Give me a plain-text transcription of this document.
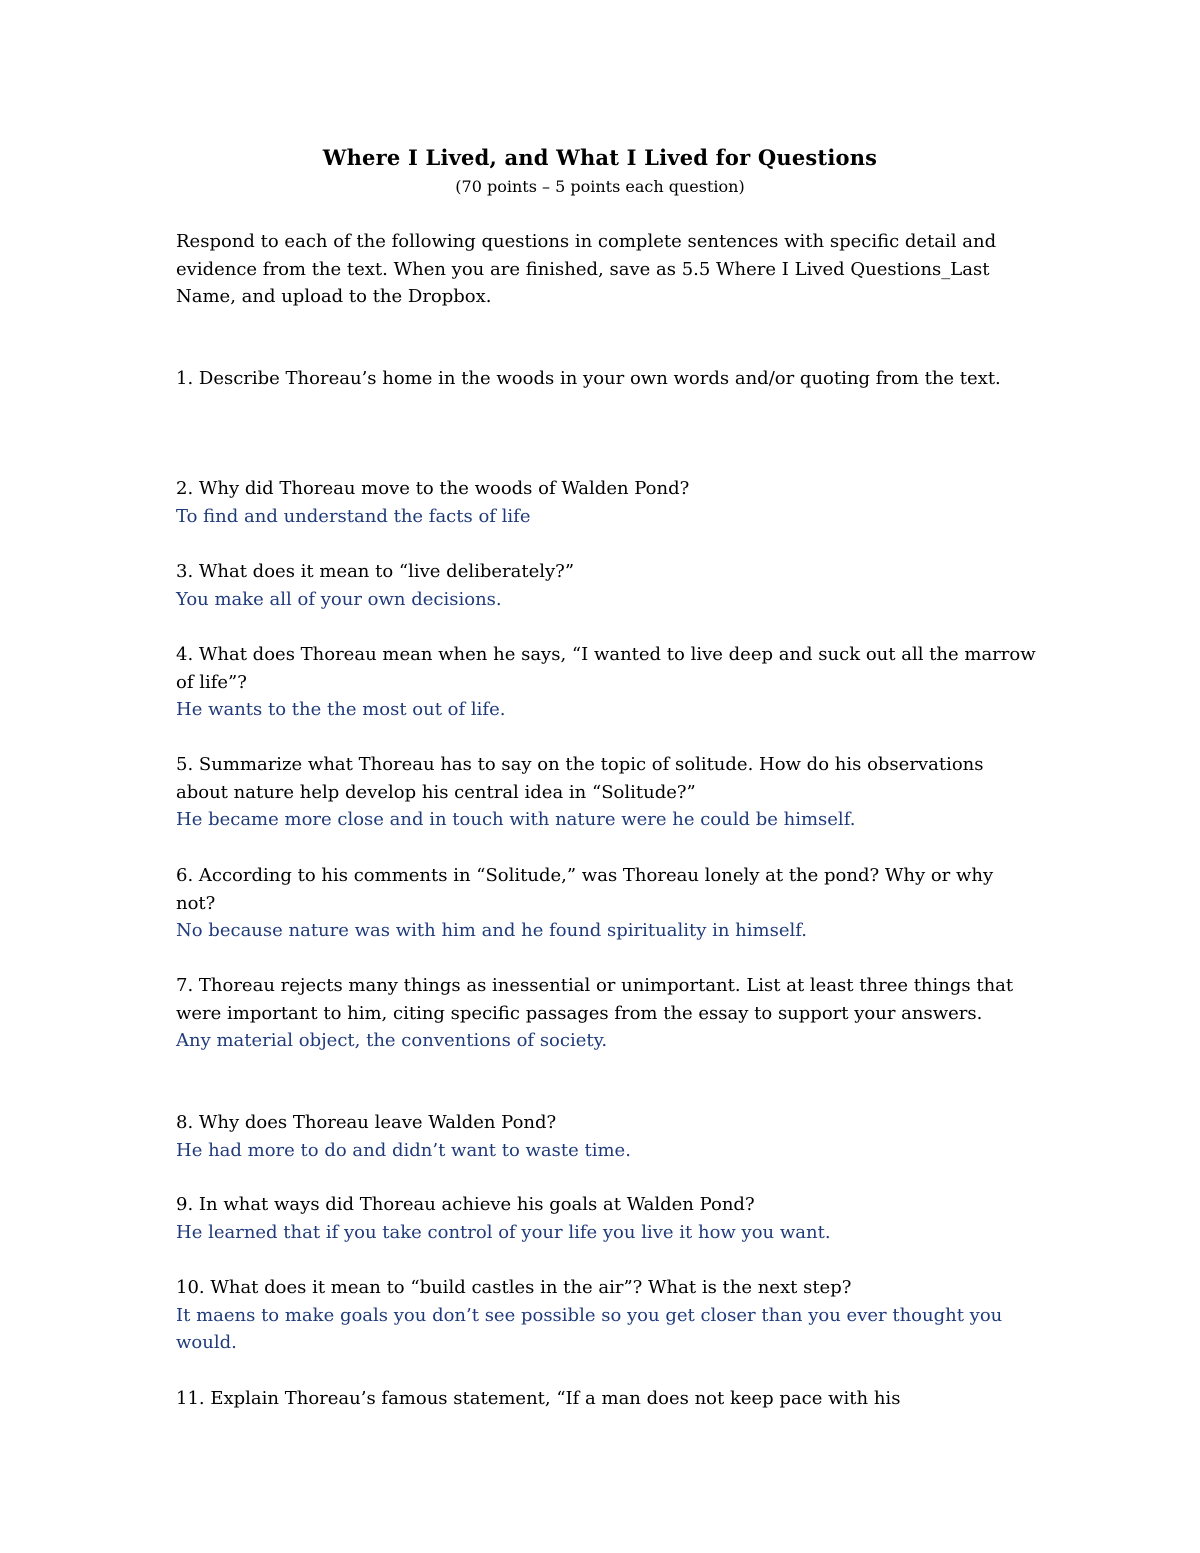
Where I Lived, and What I Lived for Questions
(70 points – 5 points each question)
Respond to each of the following questions in complete sentences with specific detail and evidence from the text. When you are finished, save as 5.5 Where I Lived Questions_Last Name, and upload to the Dropbox.
1. Describe Thoreau’s home in the woods in your own words and/or quoting from the text.
2. Why did Thoreau move to the woods of Walden Pond?
To find and understand the facts of life
3. What does it mean to “live deliberately?”
You make all of your own decisions.
4. What does Thoreau mean when he says, “I wanted to live deep and suck out all the marrow of life”?
He wants to the the most out of life.
5. Summarize what Thoreau has to say on the topic of solitude. How do his observations about nature help develop his central idea in “Solitude?”
He became more close and in touch with nature were he could be himself.
6. According to his comments in “Solitude,” was Thoreau lonely at the pond? Why or why not?
No because nature was with him and he found spirituality in himself.
7. Thoreau rejects many things as inessential or unimportant. List at least three things that were important to him, citing specific passages from the essay to support your answers.
Any material object, the conventions of society.
8. Why does Thoreau leave Walden Pond?
He had more to do and didn’t want to waste time.
9. In what ways did Thoreau achieve his goals at Walden Pond?
He learned that if you take control of your life you live it how you want.
10. What does it mean to “build castles in the air”? What is the next step?
It maens to make goals you don’t see possible so you get closer than you ever thought you would.
11. Explain Thoreau’s famous statement, “If a man does not keep pace with his
